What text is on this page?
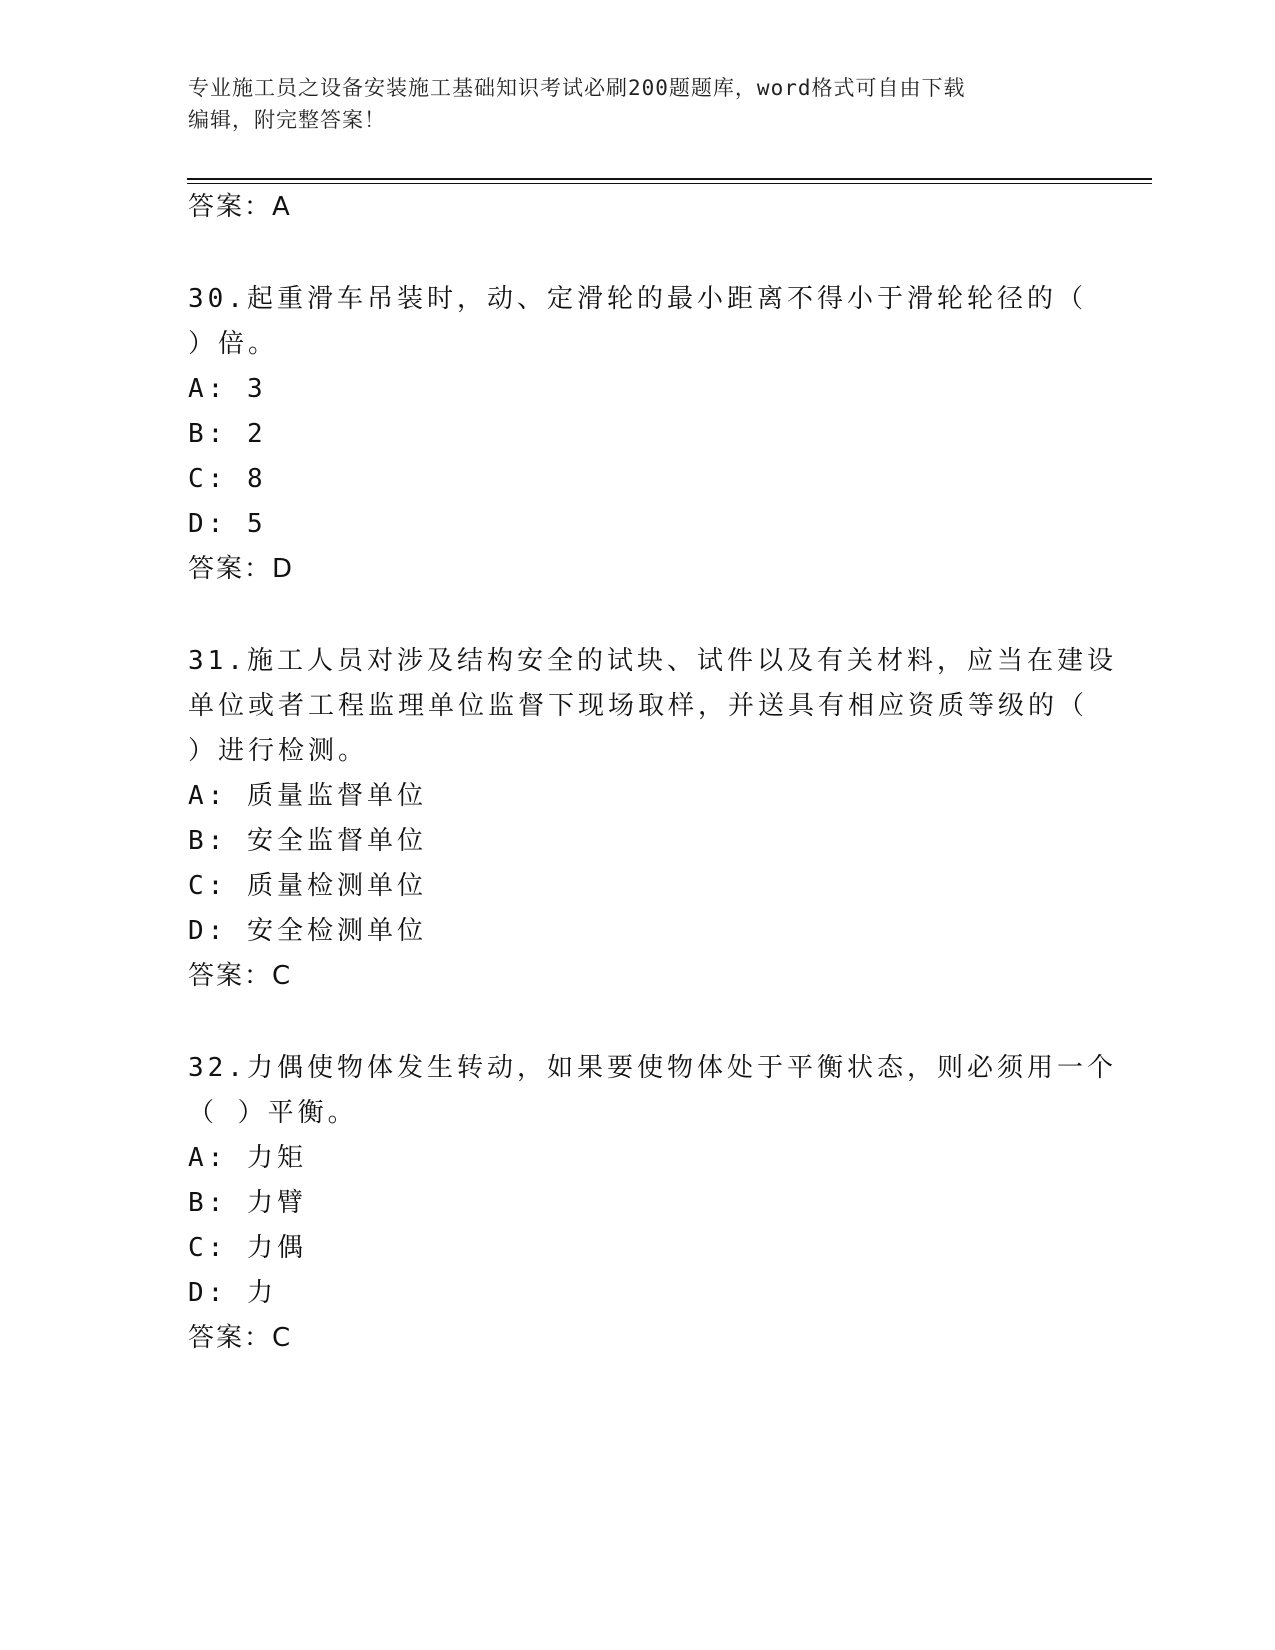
专业施工员之设备安装施工基础知识考试必刷200题题库，word格式可自由下载
编辑，附完整答案！
答案：A
30.起重滑车吊装时，动、定滑轮的最小距离不得小于滑轮轮径的（
）倍。
A: 3
B: 2
C: 8
D: 5
答案：D
31.施工人员对涉及结构安全的试块、试件以及有关材料，应当在建设
单位或者工程监理单位监督下现场取样，并送具有相应资质等级的（
）进行检测。
A: 质量监督单位
B: 安全监督单位
C: 质量检测单位
D: 安全检测单位
答案：C
32.力偶使物体发生转动，如果要使物体处于平衡状态，则必须用一个
（ ）平衡。
A: 力矩
B: 力臂
C: 力偶
D: 力
答案：C
